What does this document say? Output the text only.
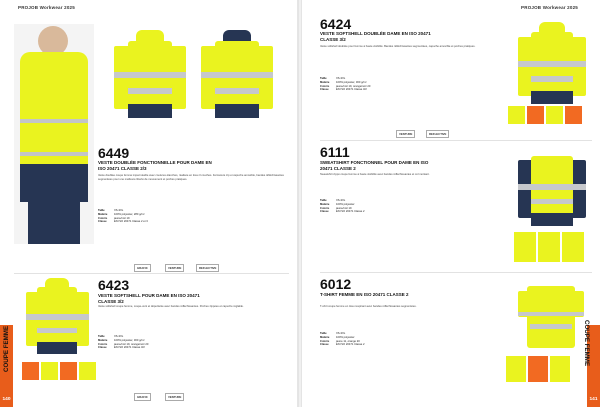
PROJOB Workwear 2025
6449
VESTE DOUBLÉE FONCTIONNELLE POUR DAME EN ISO 20471 CLASSE 2/3
Veste doublée coupe femme imperméable avec coutures étanches, réalisée en tissu 3 couches. Fermeture zip et capuche amovible, bandes réfléchissantes segmentées pour une meilleure liberté de mouvement et poches pratiques.
Taille	XS-3XL
Matière 100% polyester, 280 g/m²
Coloris jaune/noir 19
Classe	EN ISO 20471 Classe 2 et 3
GRAFIX	VENTURE	REFLECTIVE
6423
VESTE SOFTSHELL POUR DAME EN ISO 20471 CLASSE 3/2
Veste softshell coupe femme, coupe-vent et déperlante avec bandes réfléchissantes. Poches zippées et capuche réglable.
Taille	XS-3XL
Matière 100% polyester, 300 g/m²
Coloris jaune/noir 19, orange/noir 20
Classe	EN ISO 20471 Classe 3/2
GRAFIX	VENTURE
COUPE FEMME
140
PROJOB Workwear 2025
6424
VESTE SOFTSHELL DOUBLÉE DAME EN ISO 20471 CLASSE 3/2
Veste softshell doublée pour femme à haute visibilité. Bandes réfléchissantes segmentées, capuche amovible et poches pratiques.
Taille	XS-3XL
Matière 100% polyester, 300 g/m²
Coloris jaune/noir 19, orange/noir 20
Classe	EN ISO 20471 Classe 3/2
VENTURE	REFLECTIVE
6111
SWEATSHIRT FONCTIONNEL POUR DAME EN ISO 20471 CLASSE 2
Sweatshirt zippé coupe femme à haute visibilité avec bandes réfléchissantes et col montant.
Taille	XS-3XL
Matière 100% polyester
Coloris jaune/noir 19
Classe	EN ISO 20471 Classe 2
6012
T-SHIRT FEMME EN ISO 20471 CLASSE 2
T-shirt coupe femme en tissu respirant avec bandes réfléchissantes segmentées.
Taille	XS-3XL
Matière 100% polyester
Coloris jaune 11, orange 20
Classe	EN ISO 20471 Classe 2	COUPE FEMME
141
